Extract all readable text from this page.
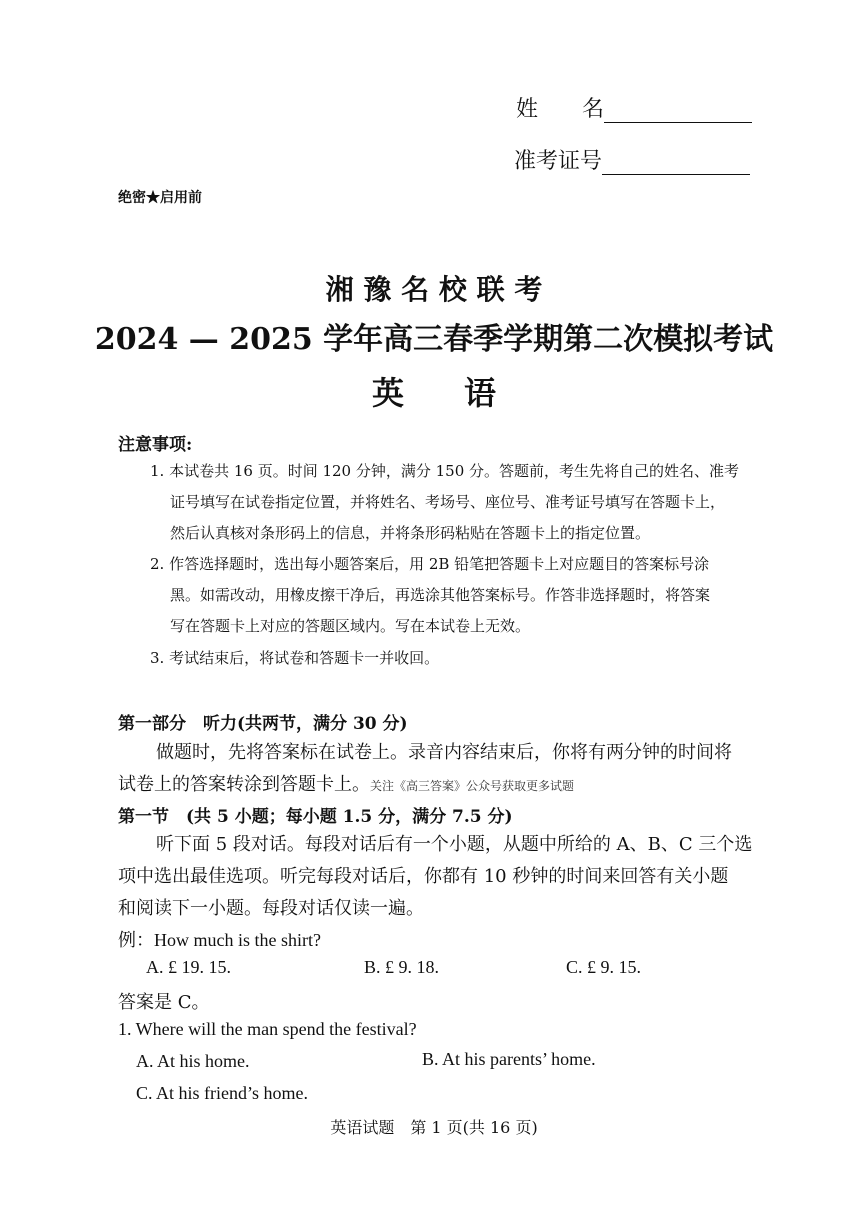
姓　　名
准考证号
绝密★启用前
湘 豫 名 校 联 考
2024 — 2025 学年高三春季学期第二次模拟考试
英语
注意事项:
1. 本试卷共 16 页。时间 120 分钟，满分 150 分。答题前，考生先将自己的姓名、准考
证号填写在试卷指定位置，并将姓名、考场号、座位号、准考证号填写在答题卡上，
然后认真核对条形码上的信息，并将条形码粘贴在答题卡上的指定位置。
2. 作答选择题时，选出每小题答案后，用 2B 铅笔把答题卡上对应题目的答案标号涂
黑。如需改动，用橡皮擦干净后，再选涂其他答案标号。作答非选择题时，将答案
写在答题卡上对应的答题区域内。写在本试卷上无效。
3. 考试结束后，将试卷和答题卡一并收回。
第一部分　听力(共两节，满分 30 分)
做题时，先将答案标在试卷上。录音内容结束后，你将有两分钟的时间将
试卷上的答案转涂到答题卡上。关注《高三答案》公众号获取更多试题
第一节　(共 5 小题；每小题 1.5 分，满分 7.5 分)
听下面 5 段对话。每段对话后有一个小题，从题中所给的 A、B、C 三个选
项中选出最佳选项。听完每段对话后，你都有 10 秒钟的时间来回答有关小题
和阅读下一小题。每段对话仅读一遍。
例：How much is the shirt?
A. £ 19. 15.	B. £ 9. 18.	C. £ 9. 15.
答案是 C。
1. Where will the man spend the festival?
A. At his home.	B. At his parents’ home.
C. At his friend’s home.
英语试题　第 1 页(共 16 页)
